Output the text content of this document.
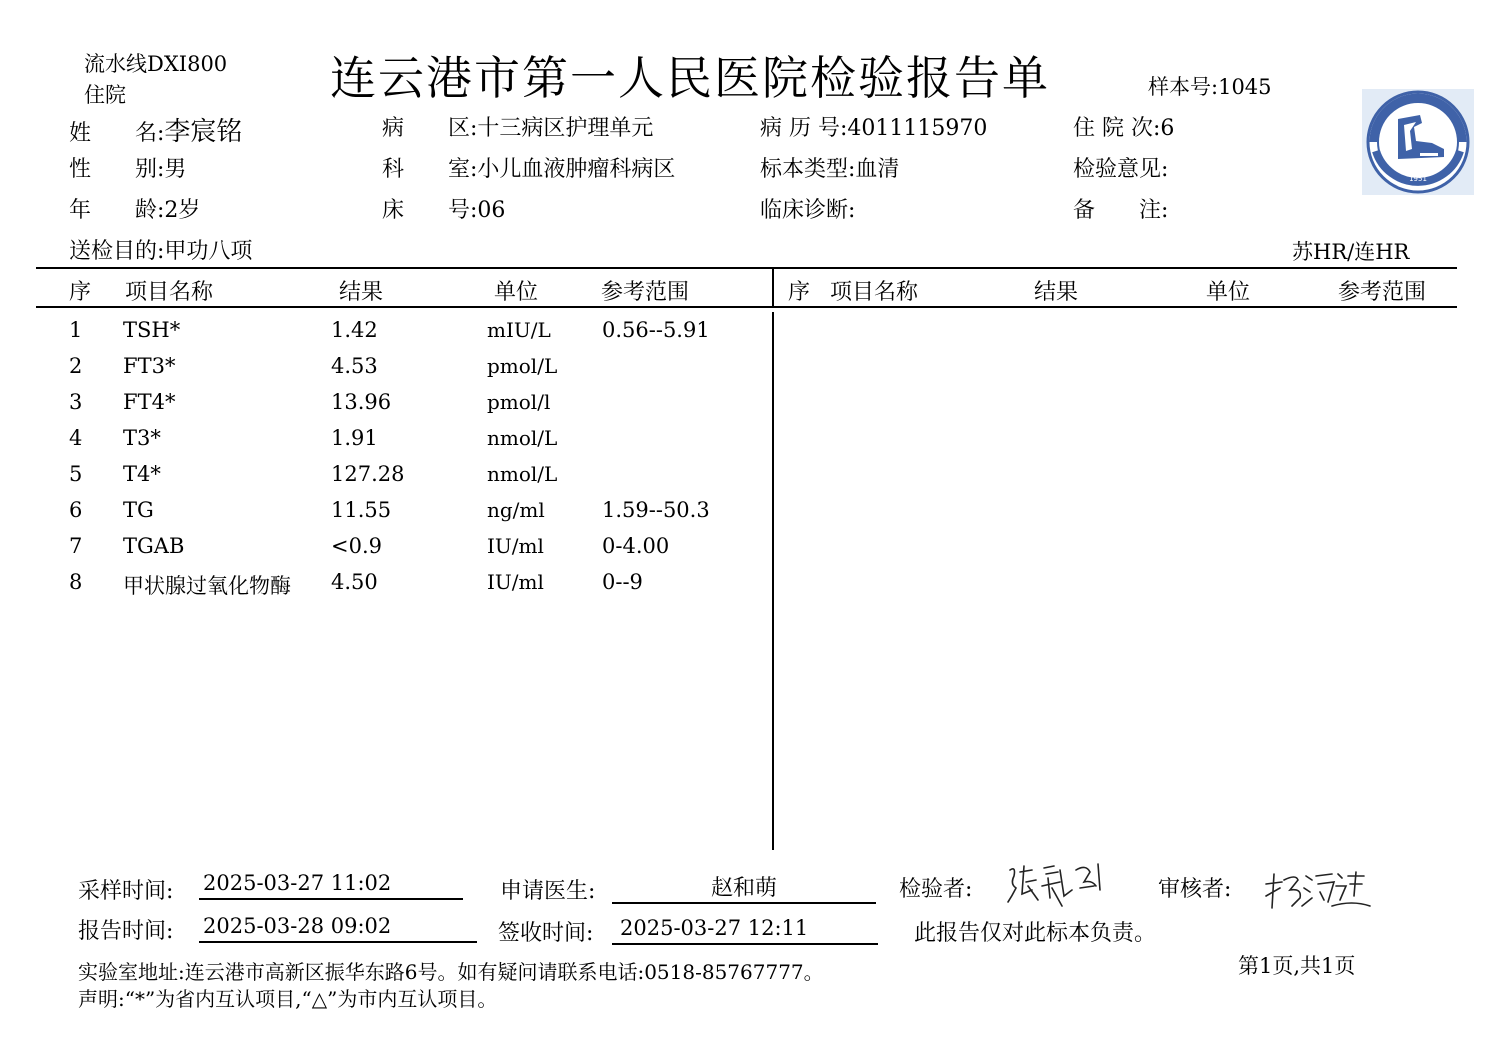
流水线DXI800
住院	连云港市第一人民医院检验报告单	样本号:1045
1951
姓　　名:李宸铭
性　　别:男
年　　龄:2岁
病　　区:十三病区护理单元
科　　室:小儿血液肿瘤科病区
床　　号:06
病 历 号:4011115970
标本类型:血清
临床诊断:
住 院 次:6
检验意见:
备　　注:
送检目的:甲功八项	苏HR/连HR
序 项目名称	结果	单位	参考范围	序 项目名称	结果	单位	参考范围
1 TSH*	1.42	mIU/L 0.56--5.91
2 FT3*	4.53	pmol/L
3 FT4*	13.96	pmol/l
4 T3*	1.91	nmol/L
5 T4*	127.28	nmol/L
6 TG	11.55	ng/ml	1.59--50.3
7 TGAB	<0.9	IU/ml	0-4.00
8 甲状腺过氧化物酶 4.50	IU/ml	0--9
采样时间: 2025-03-27 11:02	申请医生:	赵和萌	检验者:	审核者:
报告时间: 2025-03-28 09:02	签收时间: 2025-03-27 12:11	此报告仅对此标本负责。
实验室地址:连云港市高新区振华东路6号。如有疑问请联系电话:0518-85767777。	第1页,共1页
声明:“*”为省内互认项目,“△”为市内互认项目。
